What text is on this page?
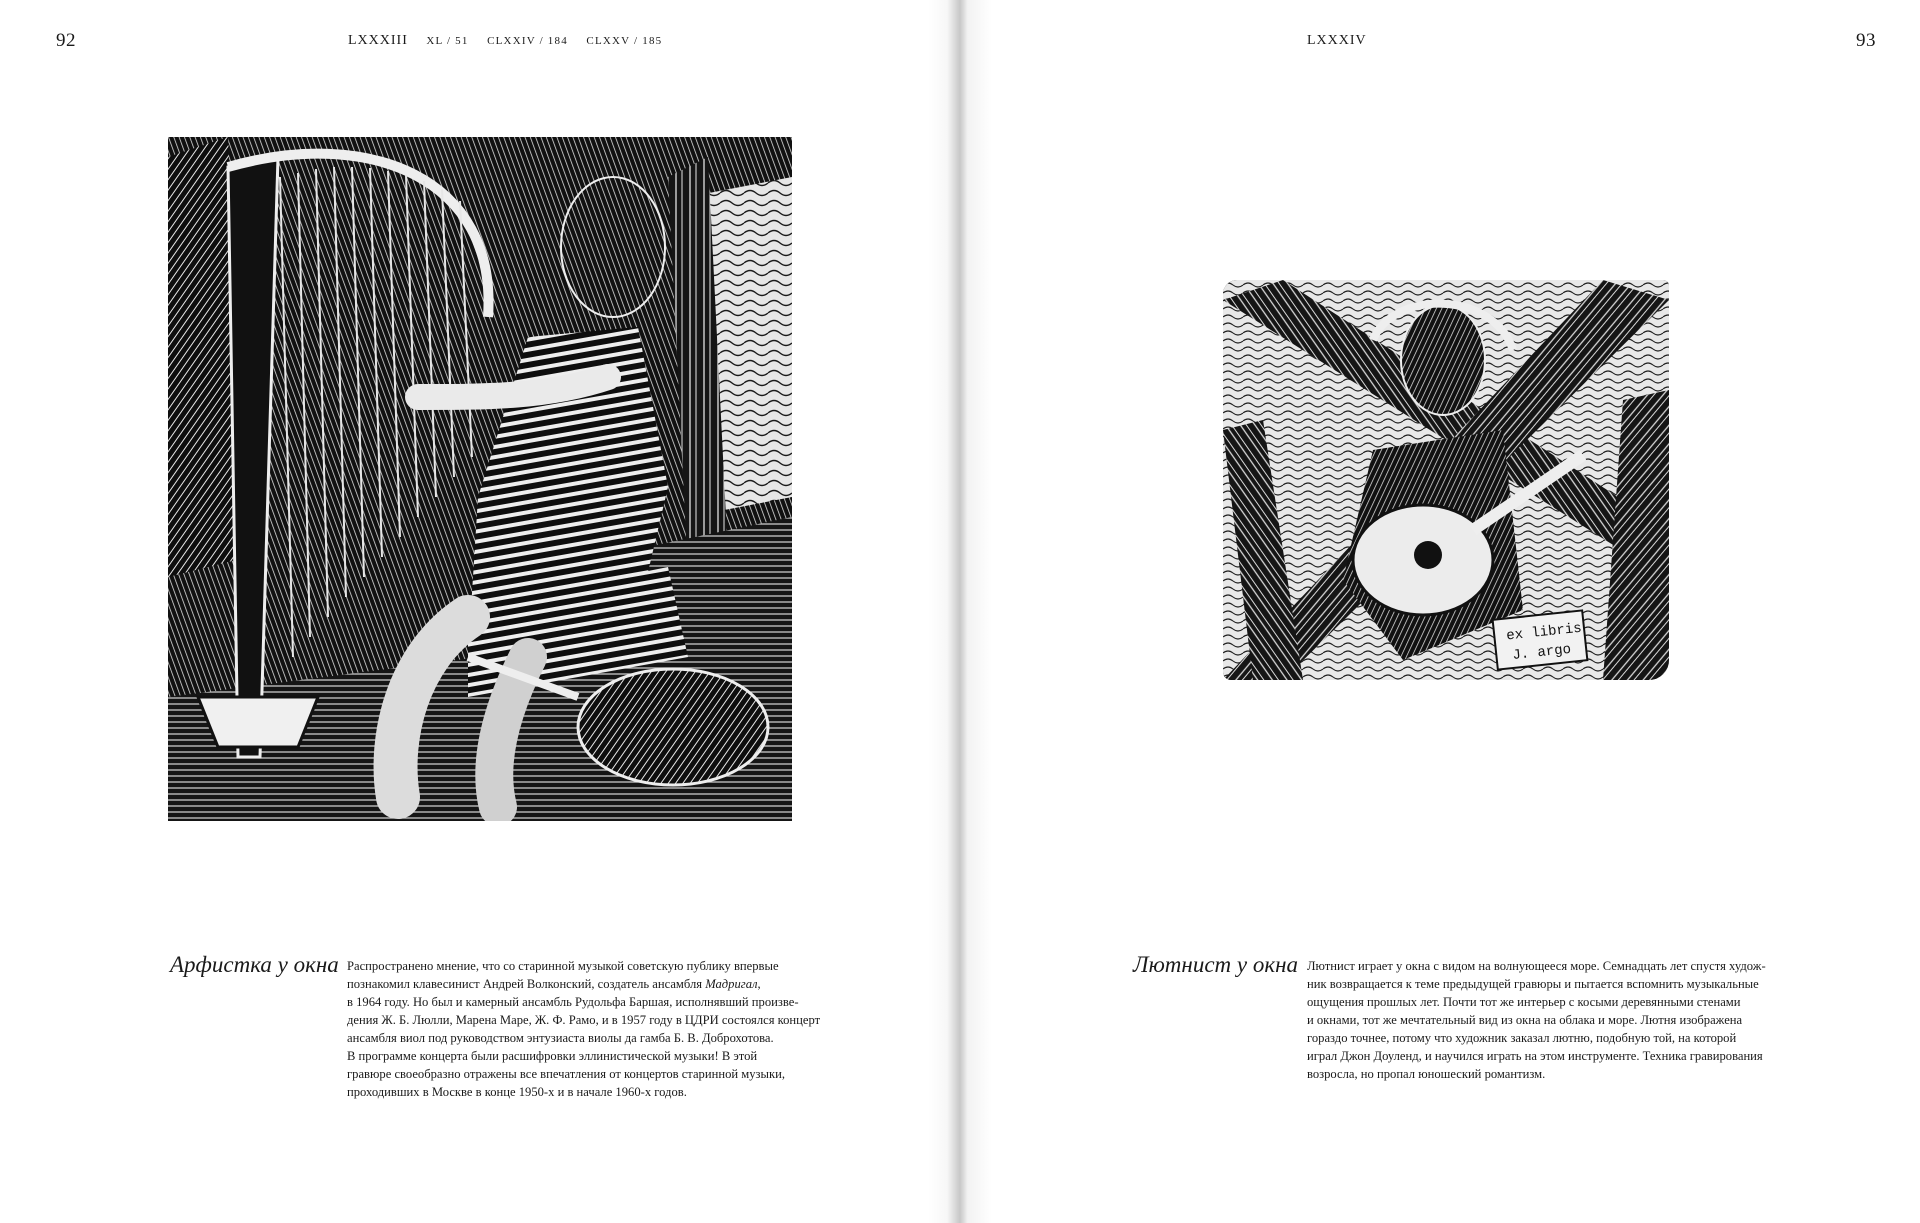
92	LXXXIII XL / 51 CLXXIV / 184 CLXXV / 185
Арфистка у окна Распространено мнение, что со старинной музыкой советскую публику впервые
познакомил клавесинист Андрей Волконский, создатель ансамбля Мадригал,
в 1964 году. Но был и камерный ансамбль Рудольфа Баршая, исполнявший произве-
дения Ж. Б. Люлли, Марена Маре, Ж. Ф. Рамо, и в 1957 году в ЦДРИ состоялся концерт
ансамбля виол под руководством энтузиаста виолы да гамба Б. В. Доброхотова.
В программе концерта были расшифровки эллинистической музыки! В этой
гравюре своеобразно отражены все впечатления от концертов старинной музыки,
проходивших в Москве в конце 1950-х и в начале 1960-х годов.
LXXXIV	93
ex libris
J. argo
Лютнист у окна Лютнист играет у окна с видом на волнующееся море. Семнадцать лет спустя худож-
ник возвращается к теме предыдущей гравюры и пытается вспомнить музыкальные
ощущения прошлых лет. Почти тот же интерьер с косыми деревянными стенами
и окнами, тот же мечтательный вид из окна на облака и море. Лютня изображена
гораздо точнее, потому что художник заказал лютню, подобную той, на которой
играл Джон Доуленд, и научился играть на этом инструменте. Техника гравирования
возросла, но пропал юношеский романтизм.
